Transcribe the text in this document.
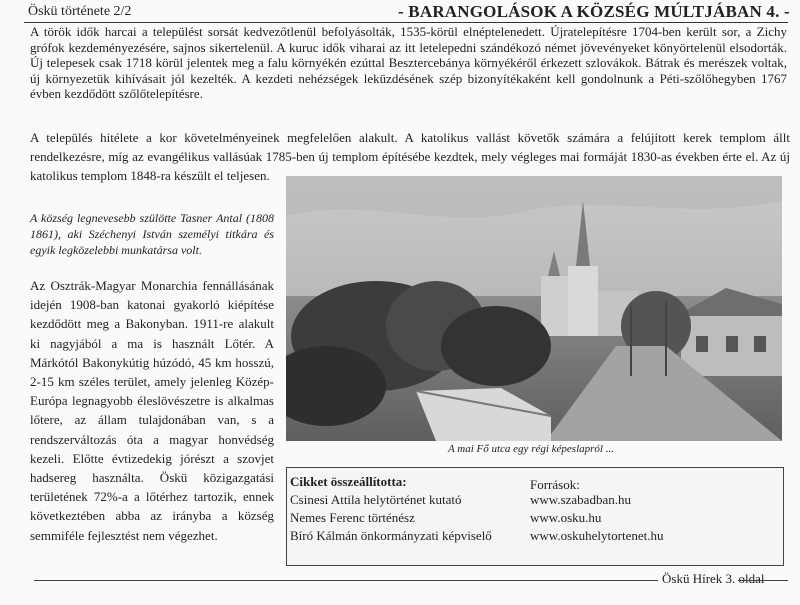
Öskü története 2/2	- BARANGOLÁSOK A KÖZSÉG MÚLTJÁBAN 4. -
A török idők harcai a települést sorsát kedvezőtlenül befolyásolták, 1535-körül elnéptelenedett. Újratelepítésre 1704-ben került sor, a Zichy grófok kezdeményezésére, sajnos sikertelenül. A kuruc idők viharai az itt letelepedni szándékozó német jövevényeket könyörtelenül elsodorták. Új telepesek csak 1718 körül jelentek meg a falu környékén ezúttal Besztercebánya környékéről érkezett szlovákok. Bátrak és merészek voltak, új környezetük kihívásait jól kezelték. A kezdeti nehézségek leküzdésének szép bizonyítékaként kell gondolnunk a Péti-szőlőhegyben 1767 évben kezdődött szőlőtelepítésre.
A település hitélete a kor követelményeinek megfelelően alakult. A katolikus vallást követők számára a felújított kerek templom állt rendelkezésre, míg az evangélikus vallásúak 1785-ben új templom építésébe kezdtek, mely végleges mai formáját 1830-as években érte el. Az új katolikus templom 1848-ra készült el teljesen.
A község legnevesebb szülötte Tasner Antal (1808 1861), aki Széchenyi István személyi titkára és egyik legközelebbi munkatársa volt.
Az Osztrák-Magyar Monarchia fennállásának idején 1908-ban katonai gyakorló kiépítése kezdődött meg a Bakonyban. 1911-re alakult ki nagyjából a ma is használt Lőtér. A Márkótól Bakonykútig húzódó, 45 km hosszú, 2-15 km széles terület, amely jelenleg Közép-Európa legnagyobb éleslövészetre is alkalmas lőtere, az állam tulajdonában van, s a rendszerváltozás óta a magyar honvédség kezeli. Előtte évtizedekig jórészt a szovjet hadsereg használta. Öskü közigazgatási területének 72%-a a lőtérhez tartozik, ennek következtében abba az irányba a község semmiféle fejlesztést nem végezhet.
A mai Fő utca egy régi képeslapról ...
Cikket összeállította:
Csinesi Attila helytörténet kutató
Nemes Ferenc történész
Bíró Kálmán önkormányzati képviselő
Források:
www.szabadban.hu
www.osku.hu
www.oskuhelytortenet.hu
Öskü Hírek 3. oldal
